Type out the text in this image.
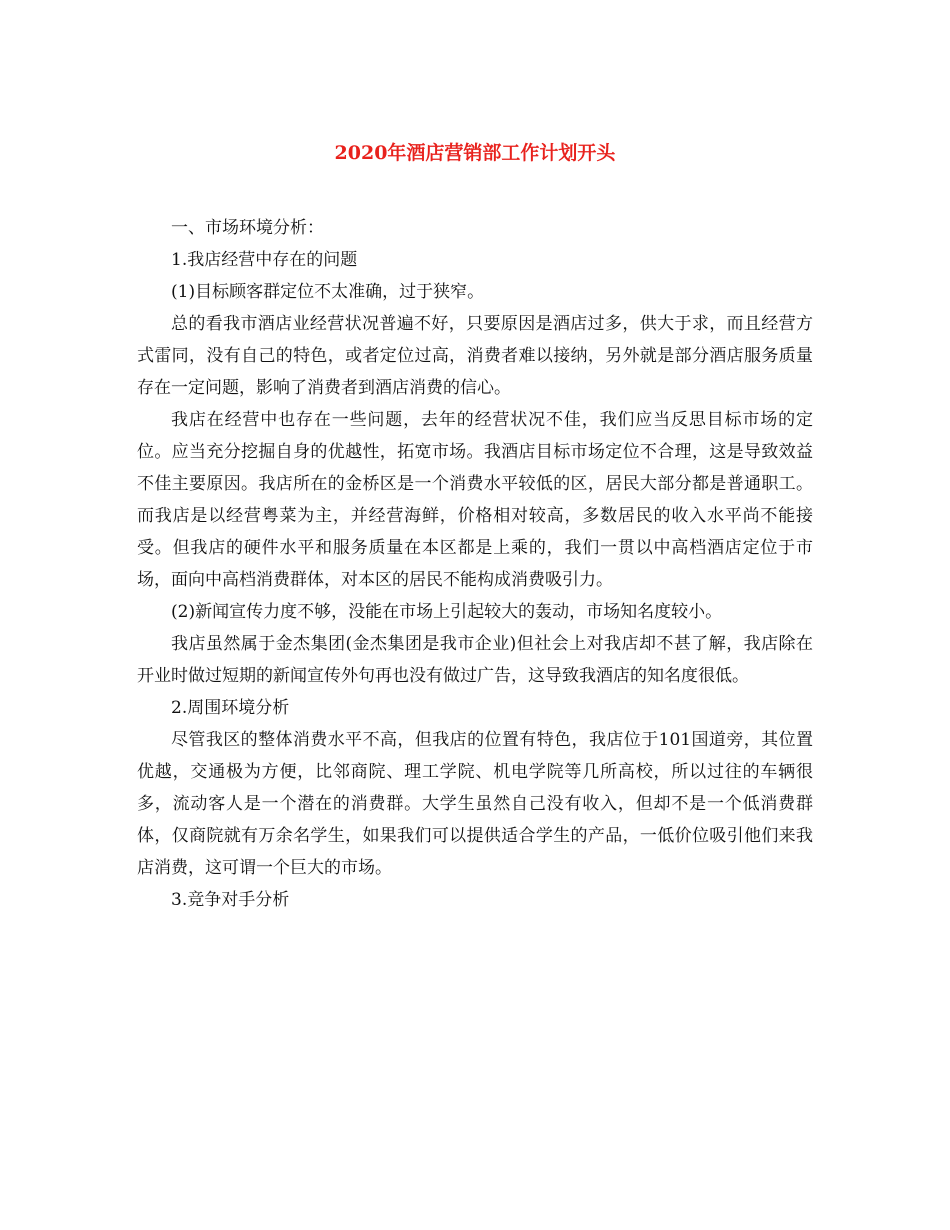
2020年酒店营销部工作计划开头

一、市场环境分析：

1.我店经营中存在的问题

(1)目标顾客群定位不太准确，过于狭窄。

总的看我市酒店业经营状况普遍不好，只要原因是酒店过多，供大于求，而且经营方式雷同，没有自己的特色，或者定位过高，消费者难以接纳，另外就是部分酒店服务质量存在一定问题，影响了消费者到酒店消费的信心。

我店在经营中也存在一些问题，去年的经营状况不佳，我们应当反思目标市场的定位。应当充分挖掘自身的优越性，拓宽市场。我酒店目标市场定位不合理，这是导致效益不佳主要原因。我店所在的金桥区是一个消费水平较低的区，居民大部分都是普通职工。而我店是以经营粤菜为主，并经营海鲜，价格相对较高，多数居民的收入水平尚不能接受。但我店的硬件水平和服务质量在本区都是上乘的，我们一贯以中高档酒店定位于市场，面向中高档消费群体，对本区的居民不能构成消费吸引力。

(2)新闻宣传力度不够，没能在市场上引起较大的轰动，市场知名度较小。

我店虽然属于金杰集团(金杰集团是我市企业)但社会上对我店却不甚了解，我店除在开业时做过短期的新闻宣传外句再也没有做过广告，这导致我酒店的知名度很低。

2.周围环境分析

尽管我区的整体消费水平不高，但我店的位置有特色，我店位于101国道旁，其位置优越，交通极为方便，比邻商院、理工学院、机电学院等几所高校，所以过往的车辆很多，流动客人是一个潜在的消费群。大学生虽然自己没有收入，但却不是一个低消费群体，仅商院就有万余名学生，如果我们可以提供适合学生的产品，一低价位吸引他们来我店消费，这可谓一个巨大的市场。

3.竞争对手分析
